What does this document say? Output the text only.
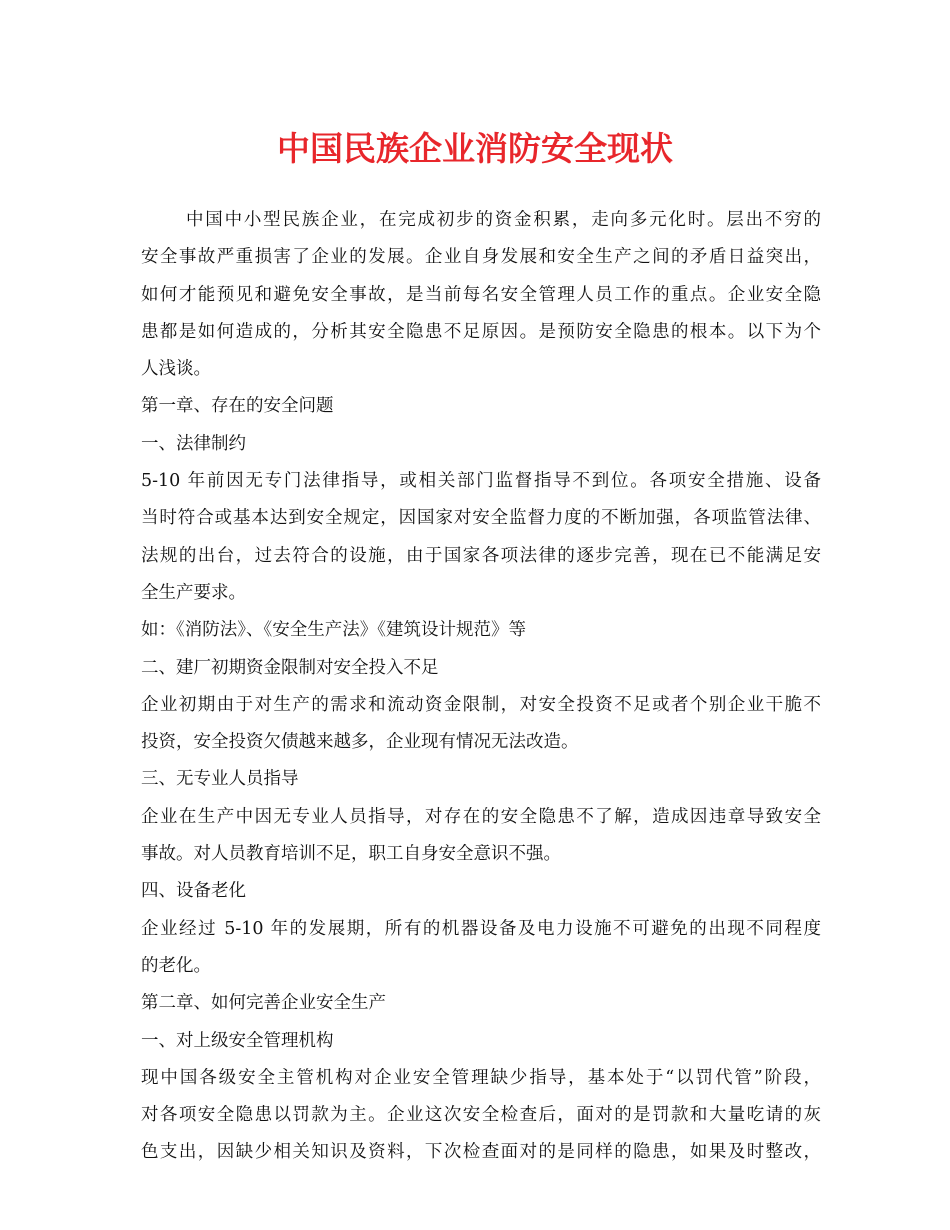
中国民族企业消防安全现状
中国中小型民族企业，在完成初步的资金积累，走向多元化时。层出不穷的
安全事故严重损害了企业的发展。企业自身发展和安全生产之间的矛盾日益突出，
如何才能预见和避免安全事故，是当前每名安全管理人员工作的重点。企业安全隐
患都是如何造成的，分析其安全隐患不足原因。是预防安全隐患的根本。以下为个
人浅谈。
第一章、存在的安全问题
一、法律制约
5-10 年前因无专门法律指导，或相关部门监督指导不到位。各项安全措施、设备
当时符合或基本达到安全规定，因国家对安全监督力度的不断加强，各项监管法律、
法规的出台，过去符合的设施，由于国家各项法律的逐步完善，现在已不能满足安
全生产要求。
如：《消防法》、《安全生产法》《建筑设计规范》等
二、建厂初期资金限制对安全投入不足
企业初期由于对生产的需求和流动资金限制，对安全投资不足或者个别企业干脆不
投资，安全投资欠债越来越多，企业现有情况无法改造。
三、无专业人员指导
企业在生产中因无专业人员指导，对存在的安全隐患不了解，造成因违章导致安全
事故。对人员教育培训不足，职工自身安全意识不强。
四、设备老化
企业经过 5-10 年的发展期，所有的机器设备及电力设施不可避免的出现不同程度
的老化。
第二章、如何完善企业安全生产
一、对上级安全管理机构
现中国各级安全主管机构对企业安全管理缺少指导，基本处于“以罚代管”阶段，
对各项安全隐患以罚款为主。企业这次安全检查后，面对的是罚款和大量吃请的灰
色支出，因缺少相关知识及资料，下次检查面对的是同样的隐患，如果及时整改，
